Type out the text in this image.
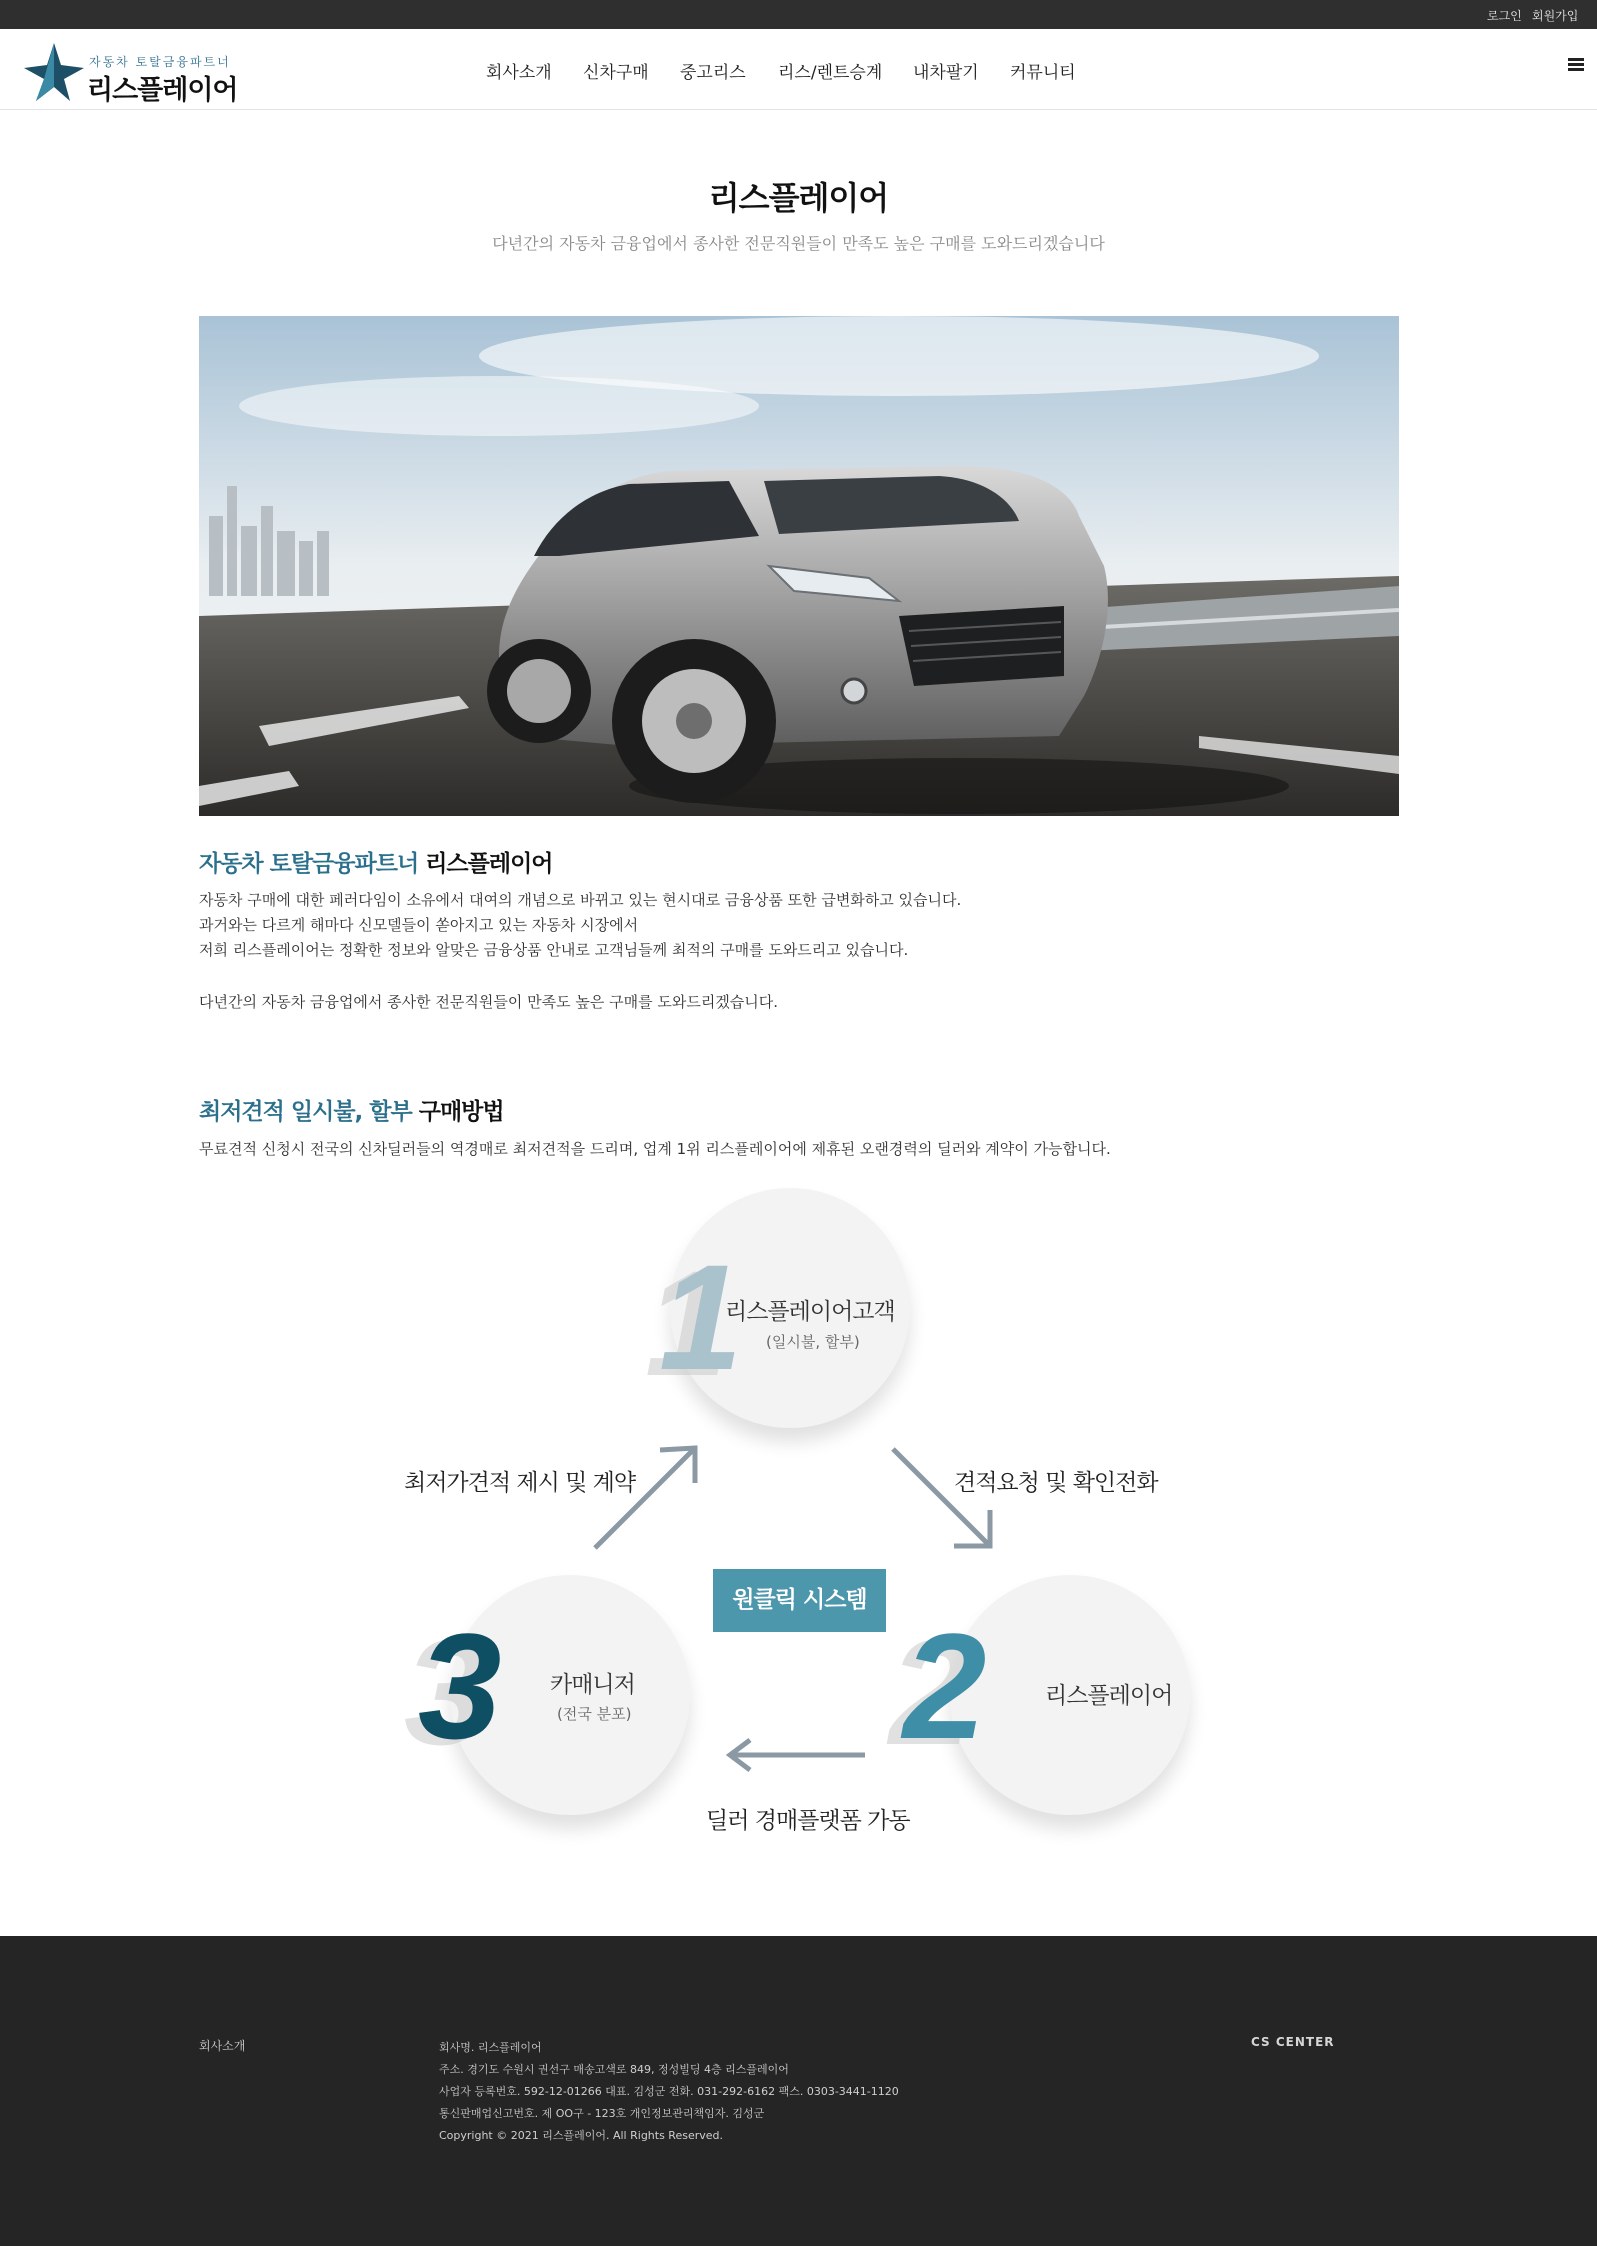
로그인 회원가입
자동차 토탈금융파트너
리스플레이어
회사소개 신차구매 중고리스 리스/렌트승계 내차팔기 커뮤니티
리스플레이어
다년간의 자동차 금융업에서 종사한 전문직원들이 만족도 높은 구매를 도와드리겠습니다
자동차 토탈금융파트너 리스플레이어
자동차 구매에 대한 페러다임이 소유에서 대여의 개념으로 바뀌고 있는 현시대로 금융상품 또한 급변화하고 있습니다.
과거와는 다르게 해마다 신모델들이 쏟아지고 있는 자동차 시장에서
저희 리스플레이어는 정확한 정보와 알맞은 금융상품 안내로 고객님들께 최적의 구매를 도와드리고 있습니다.
다년간의 자동차 금융업에서 종사한 전문직원들이 만족도 높은 구매를 도와드리겠습니다.
최저견적 일시불, 할부 구매방법
무료견적 신청시 전국의 신차딜러들의 역경매로 최저견적을 드리며, 업계 1위 리스플레이어에 제휴된 오랜경력의 딜러와 계약이 가능합니다.
1
리스플레이어고객
(일시불, 할부)
3 카매니저
(전국 분포) 2	리스플레이어
최저가견적 제시 및 계약	견적요청 및 확인전화
딜러 경매플랫폼 가동
원클릭 시스템
회사소개	회사명. 리스플레이어
주소. 경기도 수원시 권선구 매송고색로 849, 정성빌딩 4층 리스플레이어
사업자 등록번호. 592-12-01266 대표. 김성군 전화. 031-292-6162 팩스. 0303-3441-1120
통신판매업신고번호. 제 OO구 - 123호 개인정보관리책임자. 김성군
Copyright © 2021 리스플레이어. All Rights Reserved.
CS CENTER
